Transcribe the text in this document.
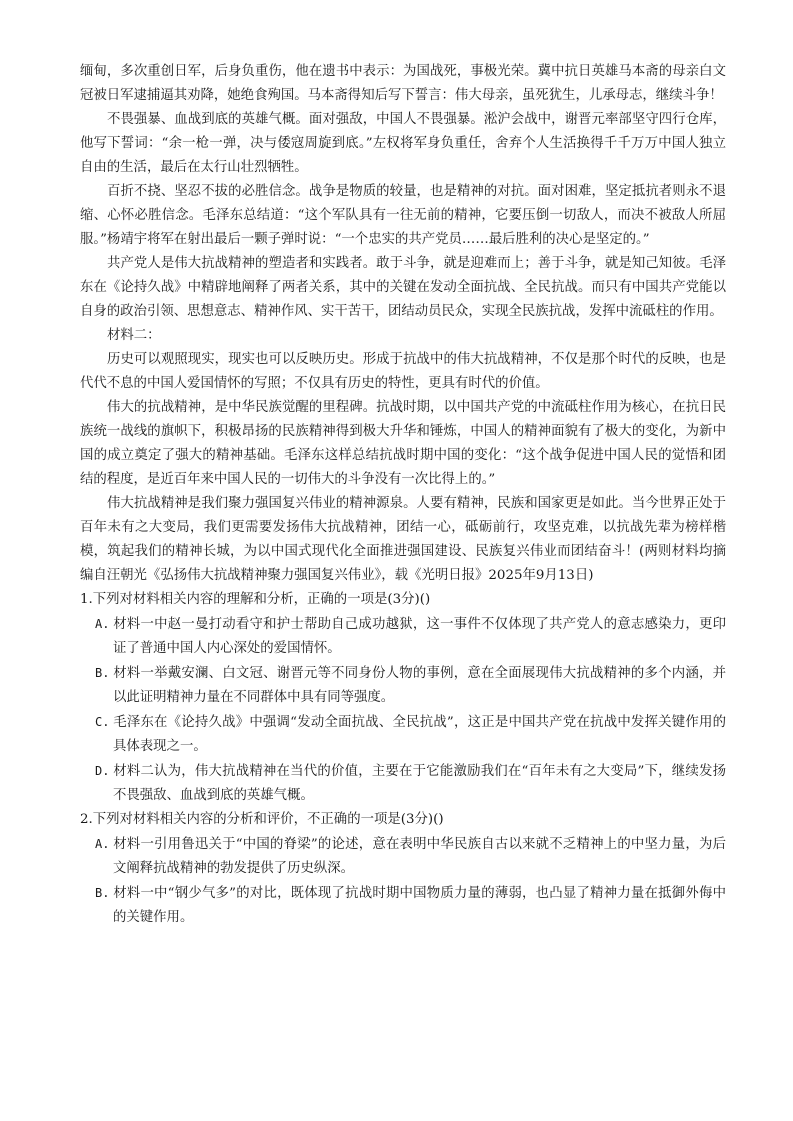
缅甸，多次重创日军，后身负重伤，他在遗书中表示：为国战死，事极光荣。冀中抗日英雄马本斋的母亲白文冠被日军逮捕逼其劝降，她绝食殉国。马本斋得知后写下誓言：伟大母亲，虽死犹生，儿承母志，继续斗争！

不畏强暴、血战到底的英雄气概。面对强敌，中国人不畏强暴。淞沪会战中，谢晋元率部坚守四行仓库，他写下誓词：“余一枪一弹，决与倭寇周旋到底。”左权将军身负重任，舍弃个人生活换得千千万万中国人独立自由的生活，最后在太行山壮烈牺牲。

百折不挠、坚忍不拔的必胜信念。战争是物质的较量，也是精神的对抗。面对困难，坚定抵抗者则永不退缩、心怀必胜信念。毛泽东总结道：“这个军队具有一往无前的精神，它要压倒一切敌人，而决不被敌人所屈服。”杨靖宇将军在射出最后一颗子弹时说：“一个忠实的共产党员……最后胜利的决心是坚定的。”

共产党人是伟大抗战精神的塑造者和实践者。敢于斗争，就是迎难而上；善于斗争，就是知己知彼。毛泽东在《论持久战》中精辟地阐释了两者关系，其中的关键在发动全面抗战、全民抗战。而只有中国共产党能以自身的政治引领、思想意志、精神作风、实干苦干，团结动员民众，实现全民族抗战，发挥中流砥柱的作用。

材料二：

历史可以观照现实，现实也可以反映历史。形成于抗战中的伟大抗战精神，不仅是那个时代的反映，也是代代不息的中国人爱国情怀的写照；不仅具有历史的特性，更具有时代的价值。

伟大的抗战精神，是中华民族觉醒的里程碑。抗战时期，以中国共产党的中流砥柱作用为核心，在抗日民族统一战线的旗帜下，积极昂扬的民族精神得到极大升华和锤炼，中国人的精神面貌有了极大的变化，为新中国的成立奠定了强大的精神基础。毛泽东这样总结抗战时期中国的变化：“这个战争促进中国人民的觉悟和团结的程度，是近百年来中国人民的一切伟大的斗争没有一次比得上的。”

伟大抗战精神是我们聚力强国复兴伟业的精神源泉。人要有精神，民族和国家更是如此。当今世界正处于百年未有之大变局，我们更需要发扬伟大抗战精神，团结一心，砥砺前行，攻坚克难，以抗战先辈为榜样楷模，筑起我们的精神长城，为以中国式现代化全面推进强国建设、民族复兴伟业而团结奋斗！(两则材料均摘编自汪朝光《弘扬伟大抗战精神聚力强国复兴伟业》，载《光明日报》2025年9月13日)

1.下列对材料相关内容的理解和分析，正确的一项是(3分)()

A. 材料一中赵一曼打动看守和护士帮助自己成功越狱，这一事件不仅体现了共产党人的意志感染力，更印证了普通中国人内心深处的爱国情怀。

B. 材料一举戴安澜、白文冠、谢晋元等不同身份人物的事例，意在全面展现伟大抗战精神的多个内涵，并以此证明精神力量在不同群体中具有同等强度。

C. 毛泽东在《论持久战》中强调“发动全面抗战、全民抗战”，这正是中国共产党在抗战中发挥关键作用的具体表现之一。

D. 材料二认为，伟大抗战精神在当代的价值，主要在于它能激励我们在“百年未有之大变局”下，继续发扬不畏强敌、血战到底的英雄气概。

2.下列对材料相关内容的分析和评价，不正确的一项是(3分)()

A. 材料一引用鲁迅关于“中国的脊梁”的论述，意在表明中华民族自古以来就不乏精神上的中坚力量，为后文阐释抗战精神的勃发提供了历史纵深。

B. 材料一中“钢少气多”的对比，既体现了抗战时期中国物质力量的薄弱，也凸显了精神力量在抵御外侮中的关键作用。
